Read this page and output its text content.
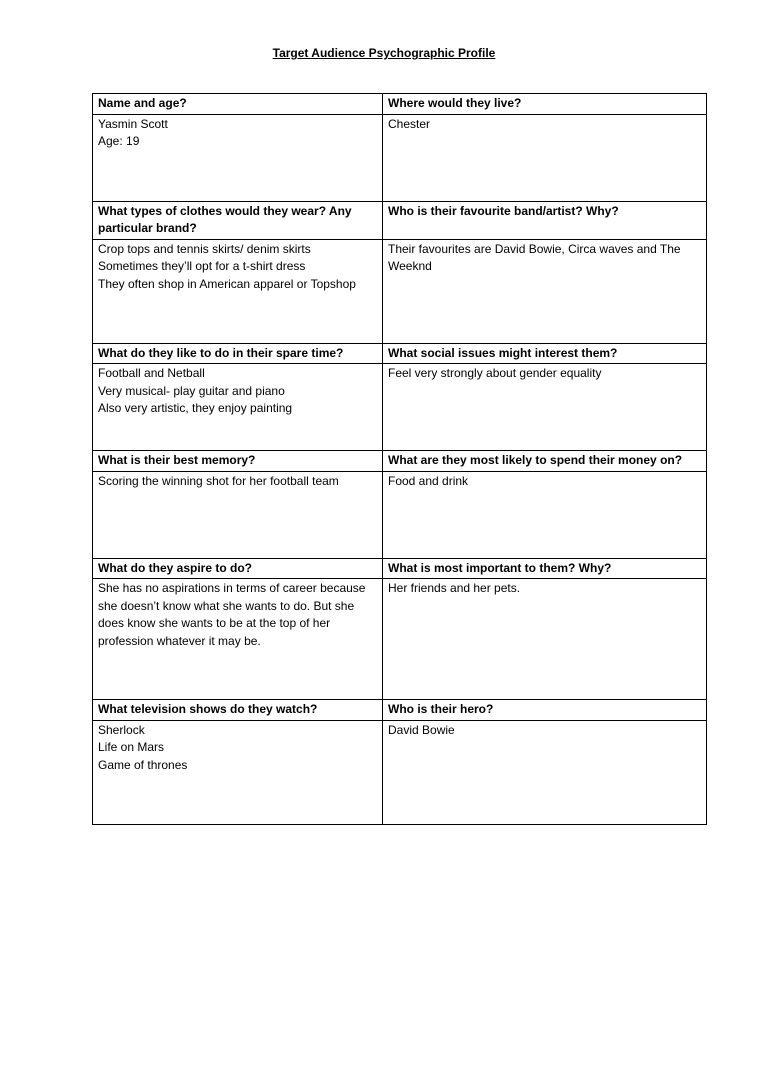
Target Audience Psychographic Profile
Name and age?	Where would they live?

Yasmin Scott
Age: 19	Chester

What types of clothes would they wear? Any particular brand?	Who is their favourite band/artist? Why?

Crop tops and tennis skirts/ denim skirts
Sometimes they’ll opt for a t-shirt dress
They often shop in American apparel or Topshop	Their favourites are David Bowie, Circa waves and The Weeknd

What do they like to do in their spare time?	What social issues might interest them?

Football and Netball
Very musical- play guitar and piano
Also very artistic, they enjoy painting	Feel very strongly about gender equality

What is their best memory?	What are they most likely to spend their money on?

Scoring the winning shot for her football team	Food and drink

What do they aspire to do?	What is most important to them? Why?

She has no aspirations in terms of career because she doesn’t know what she wants to do. But she does know she wants to be at the top of her profession whatever it may be.	Her friends and her pets.

What television shows do they watch?	Who is their hero?

Sherlock
Life on Mars
Game of thrones	David Bowie
